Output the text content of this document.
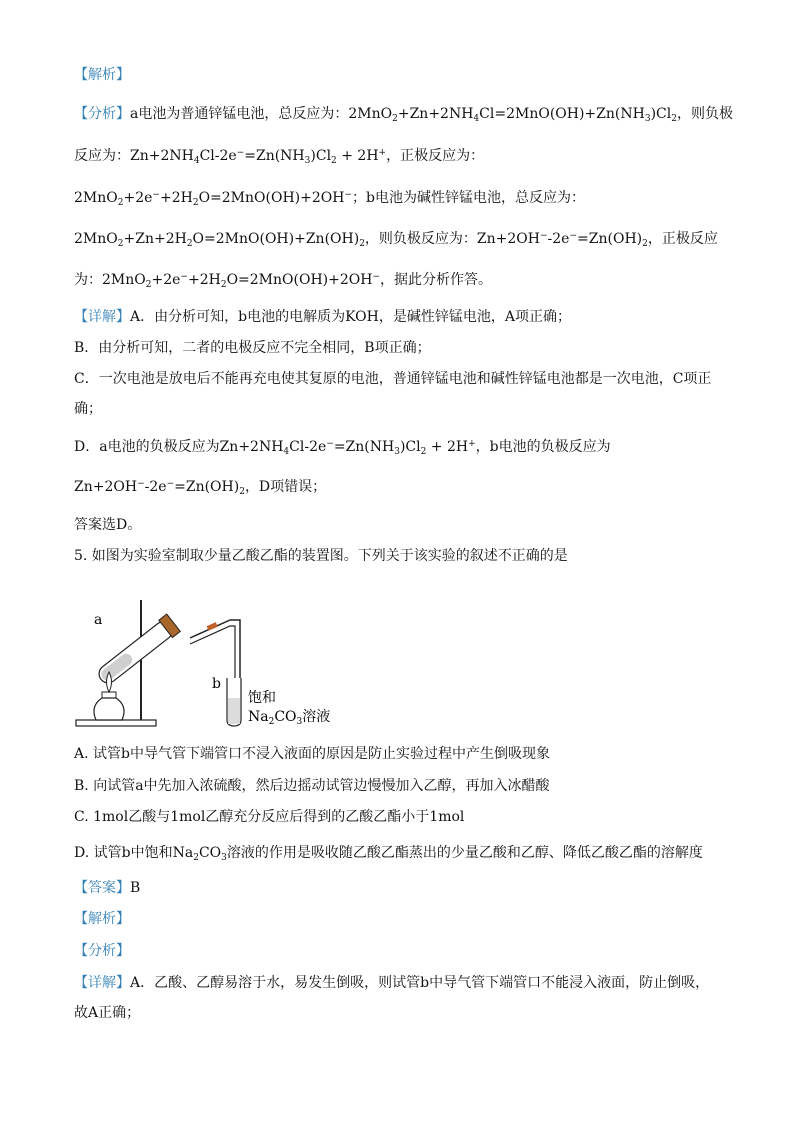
【解析】
【分析】a电池为普通锌锰电池，总反应为：$2MnO_2+Zn+2NH_4Cl=2MnO(OH)+Zn(NH_3)Cl_2$，则负极
反应为：$Zn+2NH_4Cl-2e^-=Zn(NH_3)Cl_2 + 2H^+$，正极反应为：
$2MnO_2+2e^-+2H_2O=2MnO(OH)+2OH^-$；b电池为碱性锌锰电池，总反应为：
$2MnO_2+Zn+2H_2O=2MnO(OH)+Zn(OH)_2$，则负极反应为：$Zn+2OH^--2e^-=Zn(OH)_2$，正极反应
为：$2MnO_2+2e^-+2H_2O=2MnO(OH)+2OH^-$，据此分析作答。
【详解】A．由分析可知，b电池的电解质为KOH，是碱性锌锰电池，A项正确；
B．由分析可知，二者的电极反应不完全相同，B项正确；
C．一次电池是放电后不能再充电使其复原的电池，普通锌锰电池和碱性锌锰电池都是一次电池，C项正
确；
D．a电池的负极反应为$Zn+2NH_4Cl-2e^-=Zn(NH_3)Cl_2 + 2H^+$，b电池的负极反应为
$Zn+2OH^--2e^-=Zn(OH)_2$，D项错误；
答案选D。
5. 如图为实验室制取少量乙酸乙酯的装置图。下列关于该实验的叙述不正确的是
a
b
饱和
$Na_2CO_3$溶液
A. 试管b中导气管下端管口不浸入液面的原因是防止实验过程中产生倒吸现象
B. 向试管a中先加入浓硫酸，然后边摇动试管边慢慢加入乙醇，再加入冰醋酸
C. 1mol乙酸与1mol乙醇充分反应后得到的乙酸乙酯小于1mol
D. 试管b中饱和$Na_2CO_3$溶液的作用是吸收随乙酸乙酯蒸出的少量乙酸和乙醇、降低乙酸乙酯的溶解度
【答案】B
【解析】
【分析】
【详解】A．乙酸、乙醇易溶于水，易发生倒吸，则试管b中导气管下端管口不能浸入液面，防止倒吸，
故A正确；
